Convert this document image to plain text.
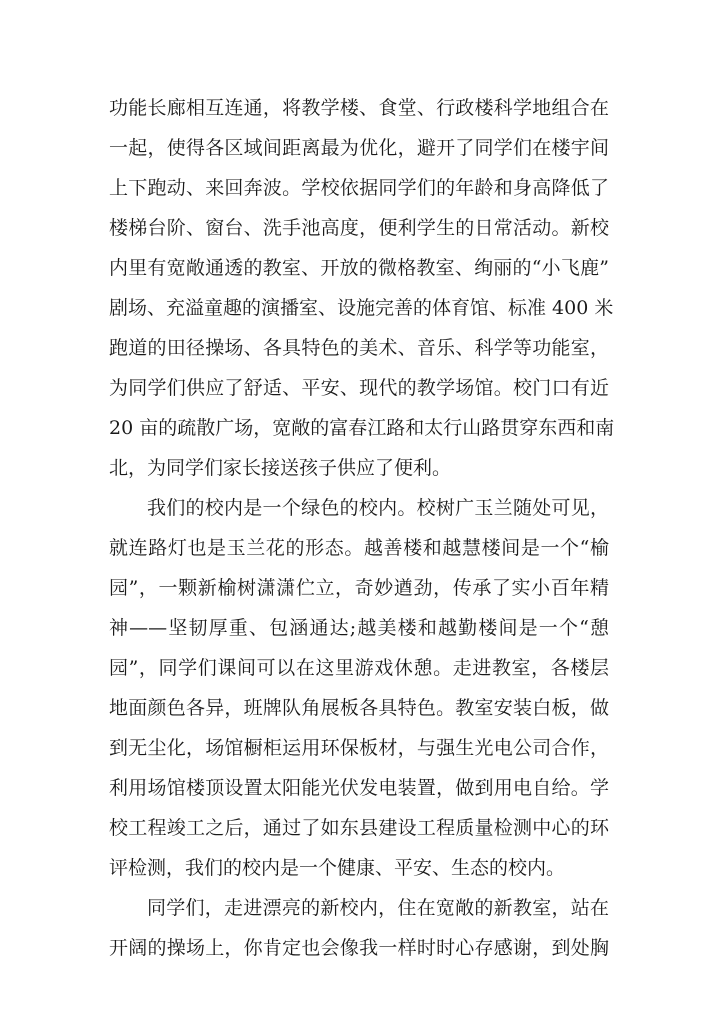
功能长廊相互连通，将教学楼、食堂、行政楼科学地组合在
一起，使得各区域间距离最为优化，避开了同学们在楼宇间
上下跑动、来回奔波。学校依据同学们的年龄和身高降低了
楼梯台阶、窗台、洗手池高度，便利学生的日常活动。新校
内里有宽敞通透的教室、开放的微格教室、绚丽的“小飞鹿”
剧场、充溢童趣的演播室、设施完善的体育馆、标准 400 米
跑道的田径操场、各具特色的美术、音乐、科学等功能室，
为同学们供应了舒适、平安、现代的教学场馆。校门口有近
20 亩的疏散广场，宽敞的富春江路和太行山路贯穿东西和南
北，为同学们家长接送孩子供应了便利。
我们的校内是一个绿色的校内。校树广玉兰随处可见，
就连路灯也是玉兰花的形态。越善楼和越慧楼间是一个“榆
园”，一颗新榆树潇潇伫立，奇妙遒劲，传承了实小百年精
神——坚韧厚重、包涵通达;越美楼和越勤楼间是一个“憩
园”，同学们课间可以在这里游戏休憩。走进教室，各楼层
地面颜色各异，班牌队角展板各具特色。教室安装白板，做
到无尘化，场馆橱柜运用环保板材，与强生光电公司合作，
利用场馆楼顶设置太阳能光伏发电装置，做到用电自给。学
校工程竣工之后，通过了如东县建设工程质量检测中心的环
评检测，我们的校内是一个健康、平安、生态的校内。
同学们，走进漂亮的新校内，住在宽敞的新教室，站在
开阔的操场上，你肯定也会像我一样时时心存感谢，到处胸
